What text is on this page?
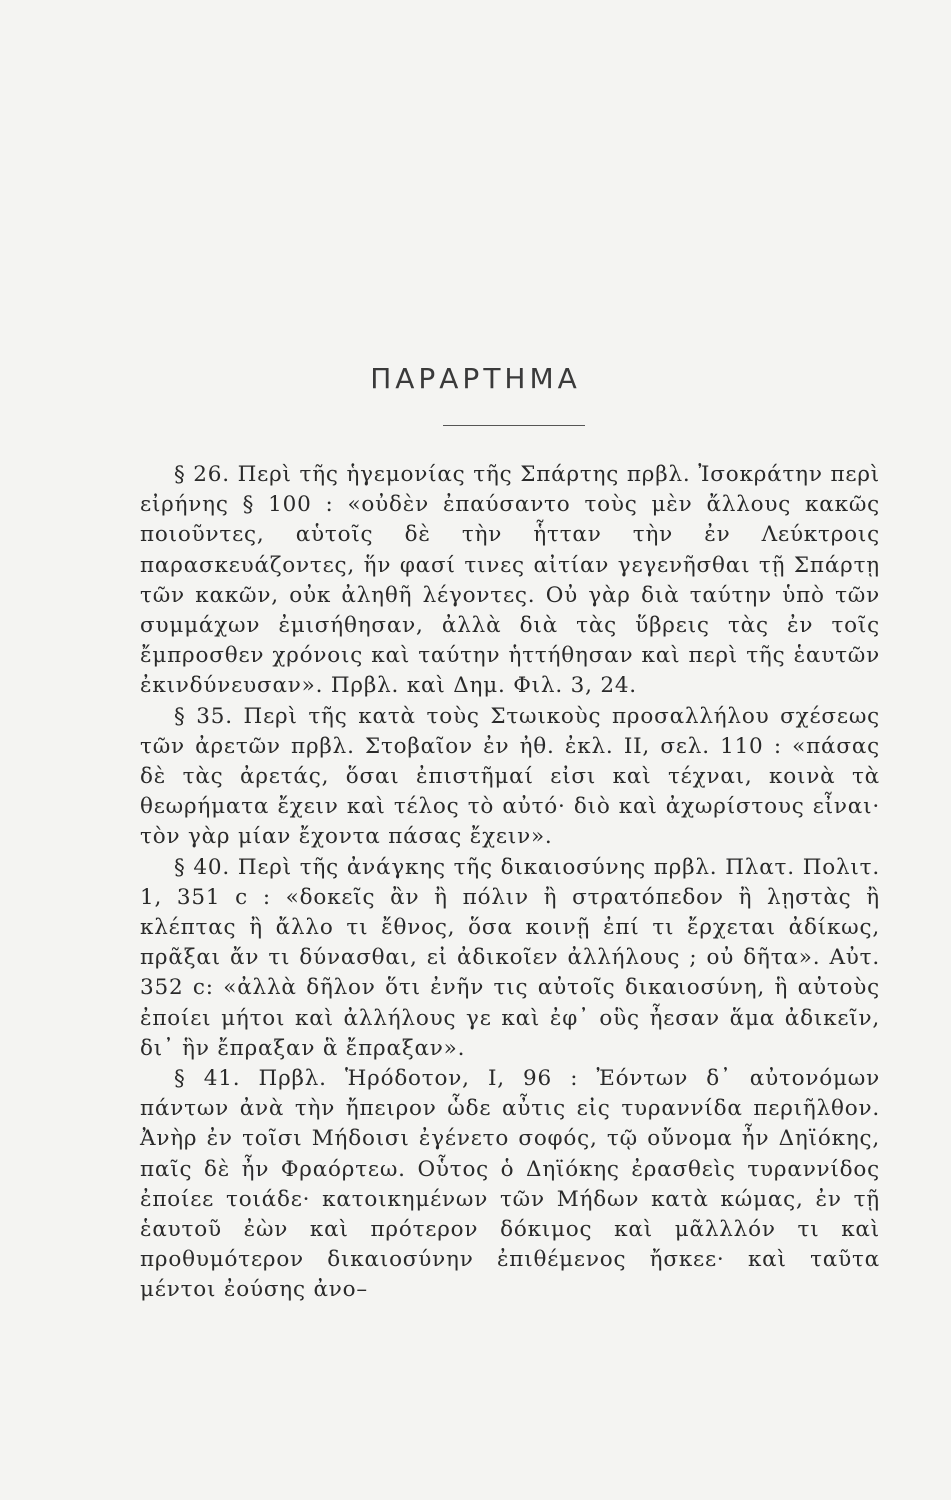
ΠΑΡΑΡΤΗΜΑ

§ 26. Περὶ τῆς ἡγεμονίας τῆς Σπάρτης πρβλ. Ἰσοκράτην περὶ εἰρήνης § 100 : «οὐδὲν ἐπαύσαντο τοὺς μὲν ἄλλους κακῶς ποιοῦντες, αὑτοῖς δὲ τὴν ἧτταν τὴν ἐν Λεύκτροις παρασκευάζοντες, ἥν φασί τινες αἰτίαν γεγενῆσθαι τῇ Σπάρτῃ τῶν κακῶν, οὐκ ἀληθῆ λέγοντες. Οὐ γὰρ διὰ ταύτην ὑπὸ τῶν συμμάχων ἐμισήθησαν, ἀλλὰ διὰ τὰς ὕβρεις τὰς ἐν τοῖς ἔμπροσθεν χρόνοις καὶ ταύτην ἡττήθησαν καὶ περὶ τῆς ἑαυτῶν ἐκινδύνευσαν». Πρβλ. καὶ Δημ. Φιλ. 3, 24.

§ 35. Περὶ τῆς κατὰ τοὺς Στωικοὺς προσαλλήλου σχέσεως τῶν ἀρετῶν πρβλ. Στοβαῖον ἐν ἠθ. ἐκλ. II, σελ. 110 : «πάσας δὲ τὰς ἀρετάς, ὅσαι ἐπιστῆμαί εἰσι καὶ τέχναι, κοινὰ τὰ θεωρήματα ἔχειν καὶ τέλος τὸ αὐτό· διὸ καὶ ἀχωρίστους εἶναι· τὸν γὰρ μίαν ἔχοντα πάσας ἔχειν».

§ 40. Περὶ τῆς ἀνάγκης τῆς δικαιοσύνης πρβλ. Πλατ. Πολιτ. 1, 351 c : «δοκεῖς ἂν ἢ πόλιν ἢ στρατόπεδον ἢ λῃστὰς ἢ κλέπτας ἢ ἄλλο τι ἔθνος, ὅσα κοινῇ ἐπί τι ἔρχεται ἀδίκως, πρᾶξαι ἄν τι δύνασθαι, εἰ ἀδικοῖεν ἀλλήλους ; οὐ δῆτα». Αὐτ. 352 c: «ἀλλὰ δῆλον ὅτι ἐνῆν τις αὐτοῖς δικαιοσύνη, ἣ αὐτοὺς ἐποίει μήτοι καὶ ἀλλήλους γε καὶ ἐφ᾽ οὓς ἦεσαν ἅμα ἀδικεῖν, δι᾽ ἣν ἔπραξαν ἃ ἔπραξαν».

§ 41. Πρβλ. Ἡρόδοτον, I, 96 : Ἐόντων δ᾽ αὐτονόμων πάντων ἀνὰ τὴν ἤπειρον ὧδε αὖτις εἰς τυραννίδα περιῆλθον. Ἀνὴρ ἐν τοῖσι Μήδοισι ἐγένετο σοφός, τῷ οὔνομα ἦν Δηϊόκης, παῖς δὲ ἦν Φραόρτεω. Οὗτος ὁ Δηϊόκης ἐρασθεὶς τυραννίδος ἐποίεε τοιάδε· κατοικημένων τῶν Μήδων κατὰ κώμας, ἐν τῇ ἑαυτοῦ ἐὼν καὶ πρότερον δόκιμος καὶ μᾶλλλόν τι καὶ προθυμότερον δικαιοσύνην ἐπιθέμενος ἤσκεε· καὶ ταῦτα μέντοι ἐούσης ἀνο–
